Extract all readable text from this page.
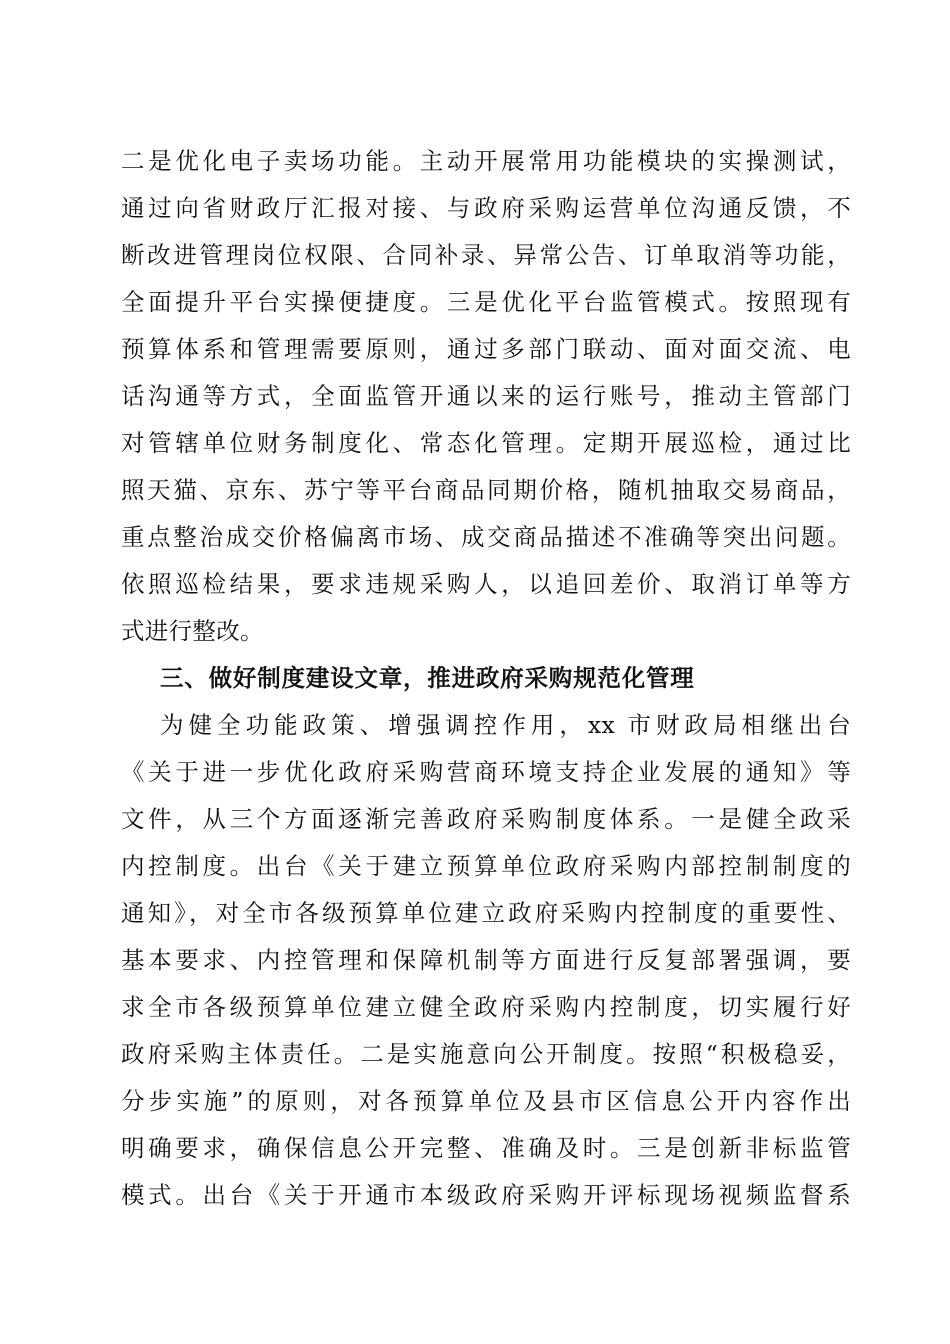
二是优化电子卖场功能。主动开展常用功能模块的实操测试，
通过向省财政厅汇报对接、与政府采购运营单位沟通反馈，不
断改进管理岗位权限、合同补录、异常公告、订单取消等功能，
全面提升平台实操便捷度。三是优化平台监管模式。按照现有
预算体系和管理需要原则，通过多部门联动、面对面交流、电
话沟通等方式，全面监管开通以来的运行账号，推动主管部门
对管辖单位财务制度化、常态化管理。定期开展巡检，通过比
照天猫、京东、苏宁等平台商品同期价格，随机抽取交易商品，
重点整治成交价格偏离市场、成交商品描述不准确等突出问题。
依照巡检结果，要求违规采购人，以追回差价、取消订单等方
式进行整改。
三、做好制度建设文章，推进政府采购规范化管理
为健全功能政策、增强调控作用，xx 市财政局相继出台
《关于进一步优化政府采购营商环境支持企业发展的通知》等
文件，从三个方面逐渐完善政府采购制度体系。一是健全政采
内控制度。出台《关于建立预算单位政府采购内部控制制度的
通知》，对全市各级预算单位建立政府采购内控制度的重要性、
基本要求、内控管理和保障机制等方面进行反复部署强调，要
求全市各级预算单位建立健全政府采购内控制度，切实履行好
政府采购主体责任。二是实施意向公开制度。按照“积极稳妥，
分步实施”的原则，对各预算单位及县市区信息公开内容作出
明确要求，确保信息公开完整、准确及时。三是创新非标监管
模式。出台《关于开通市本级政府采购开评标现场视频监督系
